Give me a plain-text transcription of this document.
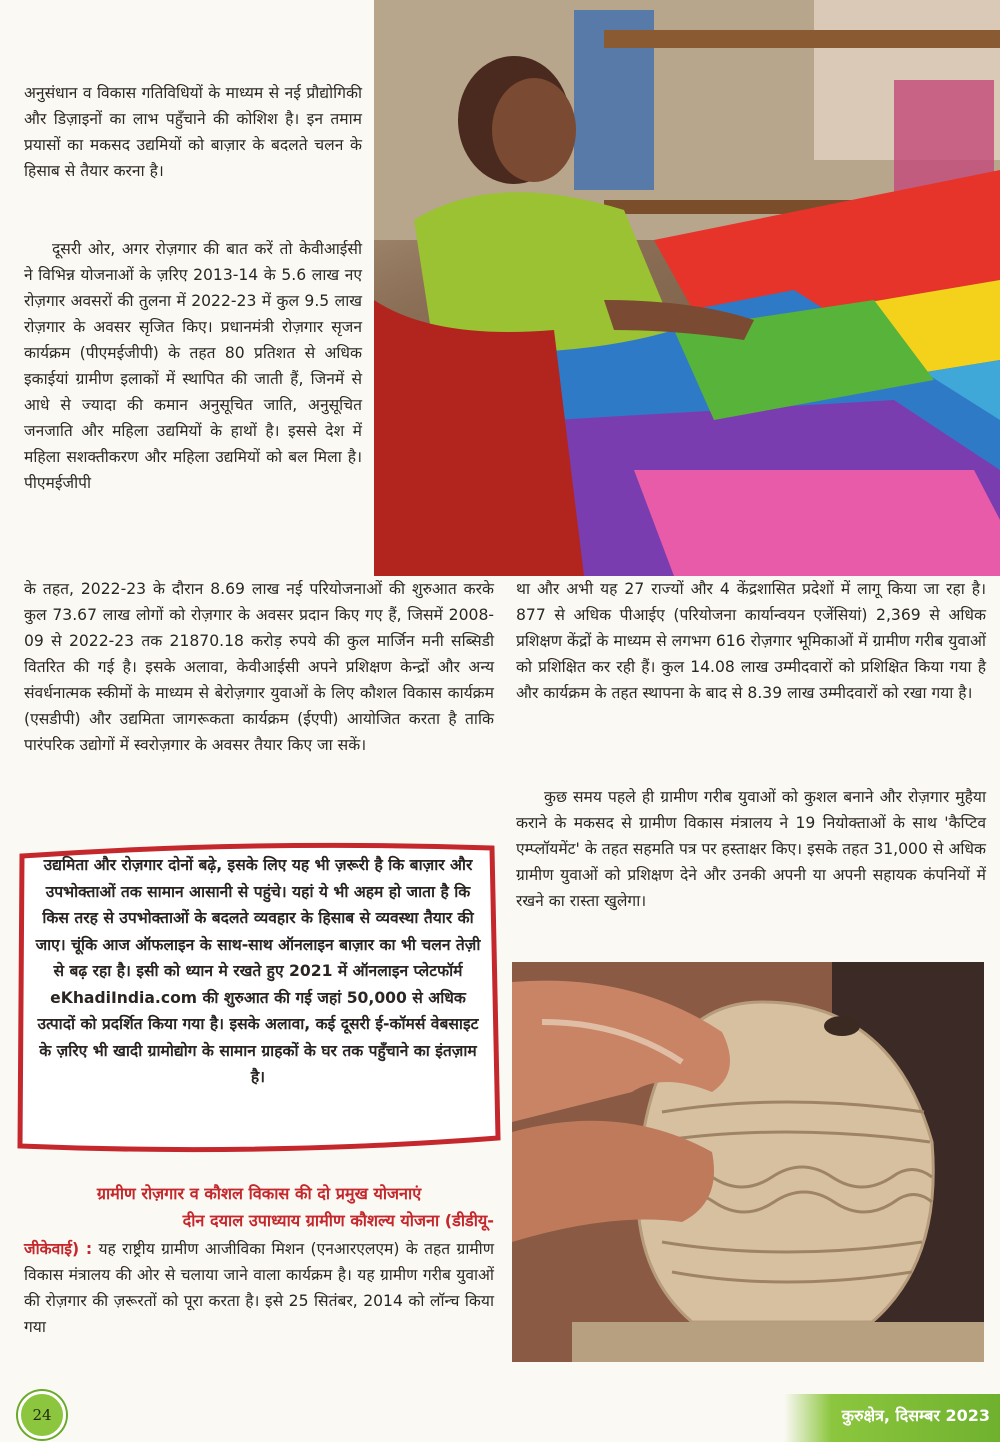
अनुसंधान व विकास गतिविधियों के माध्यम से नई प्रौद्योगिकी और डिज़ाइनों का लाभ पहुँचाने की कोशिश है। इन तमाम प्रयासों का मकसद उद्यमियों को बाज़ार के बदलते चलन के हिसाब से तैयार करना है।
दूसरी ओर, अगर रोज़गार की बात करें तो केवीआईसी ने विभिन्न योजनाओं के ज़रिए 2013-14 के 5.6 लाख नए रोज़गार अवसरों की तुलना में 2022-23 में कुल 9.5 लाख रोज़गार के अवसर सृजित किए। प्रधानमंत्री रोज़गार सृजन कार्यक्रम (पीएमईजीपी) के तहत 80 प्रतिशत से अधिक इकाईयां ग्रामीण इलाकों में स्थापित की जाती हैं, जिनमें से आधे से ज्यादा की कमान अनुसूचित जाति, अनुसूचित जनजाति और महिला उद्यमियों के हाथ‍ों है। इससे देश में महिला सशक्तीकरण और महिला उद्यमियों को बल मिला है। पीएमईजीपी
के तहत, 2022-23 के दौरान 8.69 लाख नई परियोजनाओं की शुरुआत करके कुल 73.67 लाख लोगों को रोज़गार के अवसर प्रदान किए गए हैं, जिसमें 2008-09 से 2022-23 तक 21870.18 करोड़ रुपये की कुल मार्जिन मनी सब्सिडी वितरित की गई है। इसके अलावा, केवीआईसी अपने प्रशिक्षण केन्द्रों और अन्य संवर्धनात्मक स्कीमों के माध्यम से बेरोज़गार युवाओं के लिए कौशल विकास कार्यक्रम (एसडीपी) और उद्यमिता जागरूकता कार्यक्रम (ईएपी) आयोजित करता है ताकि पारंपरिक उद्योगों में स्वरोज़गार के अवसर तैयार किए जा सकें।
था और अभी यह 27 राज्यों और 4 केंद्रशासित प्रदेशों में लागू किया जा रहा है। 877 से अधिक पीआईए (परियोजना कार्यान्वयन एजेंसियां) 2,369 से अधिक प्रशिक्षण केंद्रों के माध्यम से लगभग 616 रोज़गार भूमिकाओं में ग्रामीण गरीब युवाओं को प्रशिक्षित कर रही हैं। कुल 14.08 लाख उम्मीदवारों को प्रशिक्षित किया गया है और कार्यक्रम के तहत स्थापना के बाद से 8.39 लाख उम्मीदवारों को रखा गया है।
कुछ समय पहले ही ग्रामीण गरीब युवाओं को कुशल बनाने और रोज़गार मुहैया कराने के मकसद से ग्रामीण विकास मंत्रालय ने 19 नियोक्ताओं के साथ 'कैप्टिव एम्प्लॉयमेंट' के तहत सहमति पत्र पर हस्ताक्षर किए। इसके तहत 31,000 से अधिक ग्रामीण युवाओं को प्रशिक्षण देने और उनकी अपनी या अपनी सहायक कंपनियों में रखने का रास्ता खुलेगा।
उद्यमिता और रोज़गार दोनों बढ़े, इसके लिए यह भी ज़रूरी है कि बाज़ार और उपभोक्ताओं तक सामान आसानी से पहुंचे। यहां ये भी अहम हो जाता है कि किस तरह से उपभोक्ताओं के बदलते व्यवहार के हिसाब से व्यवस्था तैयार की जाए। चूंकि आज ऑफलाइन के साथ-साथ ऑनलाइन बाज़ार का भी चलन तेज़ी से बढ़ रहा है। इसी को ध्यान मे रखते हुए 2021 में ऑनलाइन प्लेटफॉर्म eKhadiIndia.com की शुरुआत की गई जहां 50,000 से अधिक उत्पादों को प्रदर्शित किया गया है। इसके अलावा, कई दूसरी ई-कॉमर्स वेबसाइट के ज़रिए भी खादी ग्रामोद्योग के सामान ग्राहकों के घर तक पहुँचाने का इंतज़ाम है।
ग्रामीण रोज़गार व कौशल विकास की दो प्रमुख योजनाएं
दीन दयाल उपाध्याय ग्रामीण कौशल्य योजना (डीडीयू-
जीकेवाई) : यह राष्ट्रीय ग्रामीण आजीविका मिशन (एनआरएलएम) के तहत ग्रामीण विकास मंत्रालय की ओर से चलाया जाने वाला कार्यक्रम है। यह ग्रामीण गरीब युवाओं की रोज़गार की ज़रूरतों को पूरा करता है। इसे 25 सितंबर, 2014 को लॉन्च किया गया
24	कुरुक्षेत्र, दिसम्बर 2023
